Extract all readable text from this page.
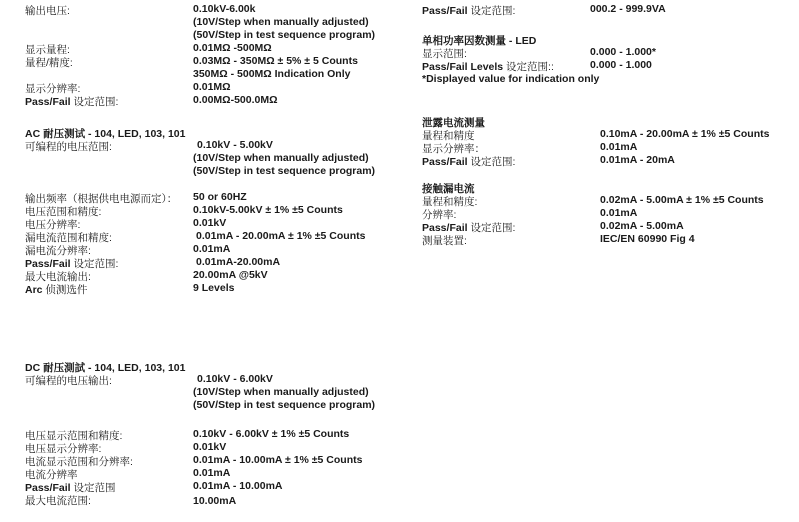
输出电压:	0.10kV-6.00k
(10V/Step when manually adjusted)
(50V/Step in test sequence program)
显示量程:	0.01MΩ -500MΩ
量程/精度:	0.03MΩ - 350MΩ ± 5% ± 5 Counts
350MΩ - 500MΩ Indication Only
显示分辨率:	0.01MΩ
Pass/Fail 设定范围:	0.00MΩ-500.0MΩ
AC 耐压测试 - 104, LED, 103, 101
可编程的电压范围:	0.10kV - 5.00kV
(10V/Step when manually adjusted)
(50V/Step in test sequence program)
输出频率（根据供电电源而定）： 50 or 60HZ
电压范围和精度:	0.10kV-5.00kV ± 1% ±5 Counts
电压分辨率:	0.01kV
漏电流范围和精度:	0.01mA - 20.00mA ± 1% ±5 Counts
漏电流分辨率:	0.01mA
Pass/Fail 设定范围:	0.01mA-20.00mA
最大电流输出:	20.00mA @5kV
Arc 侦测选件	9 Levels
DC 耐压測試 - 104, LED, 103, 101
可编程的电压输出:	0.10kV - 6.00kV
(10V/Step when manually adjusted)
(50V/Step in test sequence program)
电压显示范围和精度:	0.10kV - 6.00kV ± 1% ±5 Counts
电压显示分辨率:	0.01kV
电流显示范围和分辨率:	0.01mA - 10.00mA ± 1% ±5 Counts
电流分辨率	0.01mA
Pass/Fail 设定范围	0.01mA - 10.00mA
最大电流范围:	10.00mA
Pass/Fail 设定范围:	000.2 - 999.9VA
单相功率因数测量 - LED
显示范围:	0.000 - 1.000*
Pass/Fail Levels 设定范围::	0.000 - 1.000
*Displayed value for indication only
泄露电流测量
量程和精度	0.10mA - 20.00mA ± 1% ±5 Counts
显示分辨率：	0.01mA
Pass/Fail 设定范围:	0.01mA - 20mA
接触漏电流
量程和精度:	0.02mA - 5.00mA ± 1% ±5 Counts
分辨率:	0.01mA
Pass/Fail 设定范围:	0.02mA - 5.00mA
测量装置:	IEC/EN 60990 Fig 4
